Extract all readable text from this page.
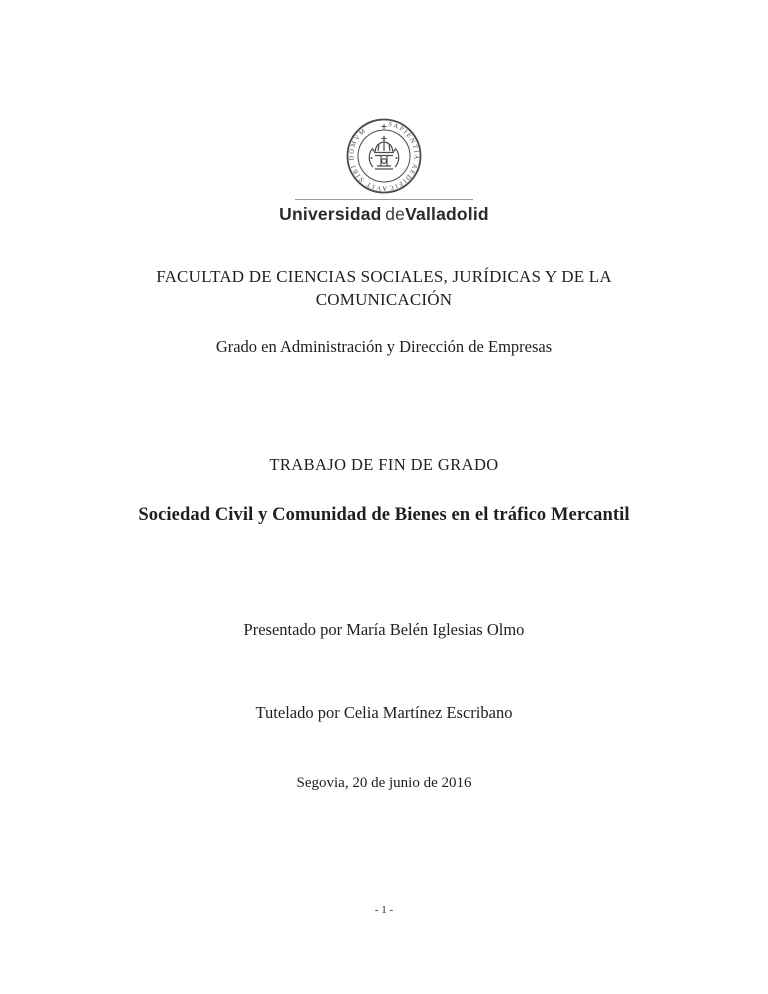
SAPIENTIA AEDIFICAVIT SIBI DOMVM
Universidad  deValladolid
FACULTAD DE CIENCIAS SOCIALES, JURÍDICAS Y DE LA
COMUNICACIÓN
Grado en Administración y Dirección de Empresas
TRABAJO DE FIN DE GRADO
Sociedad Civil y Comunidad de Bienes en el tráfico Mercantil
Presentado por María Belén Iglesias Olmo
Tutelado por Celia Martínez Escribano
Segovia, 20 de junio de 2016
- 1 -
